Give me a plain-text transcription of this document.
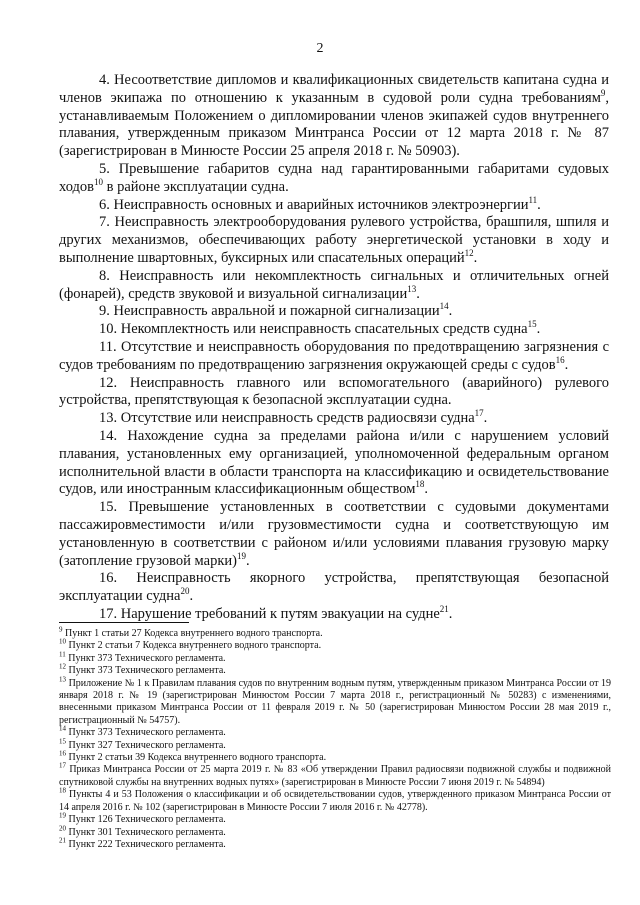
2

4. Несоответствие дипломов и квалификационных свидетельств капитана судна и членов экипажа по отношению к указанным в судовой роли судна требованиям$^9$, устанавливаемым Положением о дипломировании членов экипажей судов внутреннего плавания, утвержденным приказом Минтранса России от 12 марта 2018 г. № 87 (зарегистрирован в Минюсте России 25 апреля 2018 г. № 50903).

5. Превышение габаритов судна над гарантированными габаритами судовых ходов$^{10}$ в районе эксплуатации судна.

6. Неисправность основных и аварийных источников электроэнергии$^{11}$.

7. Неисправность электрооборудования рулевого устройства, брашпиля, шпиля и других механизмов, обеспечивающих работу энергетической установки в ходу и выполнение швартовных, буксирных или спасательных операций$^{12}$.

8. Неисправность или некомплектность сигнальных и отличительных огней (фонарей), средств звуковой и визуальной сигнализации$^{13}$.

9. Неисправность авральной и пожарной сигнализации$^{14}$.

10. Некомплектность или неисправность спасательных средств судна$^{15}$.

11. Отсутствие и неисправность оборудования по предотвращению загрязнения с судов требованиям по предотвращению загрязнения окружающей среды с судов$^{16}$.

12. Неисправность главного или вспомогательного (аварийного) рулевого устройства, препятствующая к безопасной эксплуатации судна.

13. Отсутствие или неисправность средств радиосвязи судна$^{17}$.

14. Нахождение судна за пределами района и/или с нарушением условий плавания, установленных ему организацией, уполномоченной федеральным органом исполнительной власти в области транспорта на классификацию и освидетельствование судов, или иностранным классификационным обществом$^{18}$.

15. Превышение установленных в соответствии с судовыми документами пассажировместимости и/или грузовместимости судна и соответствующую им установленную в соответствии с районом и/или условиями плавания грузовую марку (затопление грузовой марки)$^{19}$.

16. Неисправность якорного устройства, препятствующая безопасной эксплуатации судна$^{20}$.

17. Нарушение требований к путям эвакуации на судне$^{21}$.

$^9$ Пункт 1 статьи 27 Кодекса внутреннего водного транспорта.

$^{10}$ Пункт 2 статьи 7 Кодекса внутреннего водного транспорта.

$^{11}$ Пункт 373 Технического регламента.

$^{12}$ Пункт 373 Технического регламента.

$^{13}$ Приложение № 1 к Правилам плавания судов по внутренним водным путям, утвержденным приказом Минтранса России от 19 января 2018 г. № 19 (зарегистрирован Минюстом России 7 марта 2018 г., регистрационный № 50283) с изменениями, внесенными приказом Минтранса России от 11 февраля 2019 г. № 50 (зарегистрирован Минюстом России 28 мая 2019 г., регистрационный № 54757).

$^{14}$ Пункт 373 Технического регламента.

$^{15}$ Пункт 327 Технического регламента.

$^{16}$ Пункт 2 статьи 39 Кодекса внутреннего водного транспорта.

$^{17}$ Приказ Минтранса России от 25 марта 2019 г. № 83 «Об утверждении Правил радиосвязи подвижной службы и подвижной спутниковой службы на внутренних водных путях» (зарегистрирован в Минюсте России 7 июня 2019 г. № 54894)

$^{18}$ Пункты 4 и 53 Положения о классификации и об освидетельствовании судов, утвержденного приказом Минтранса России от 14 апреля 2016 г. № 102 (зарегистрирован в Минюсте России 7 июля 2016 г. № 42778).

$^{19}$ Пункт 126 Технического регламента.

$^{20}$ Пункт 301 Технического регламента.

$^{21}$ Пункт 222 Технического регламента.
